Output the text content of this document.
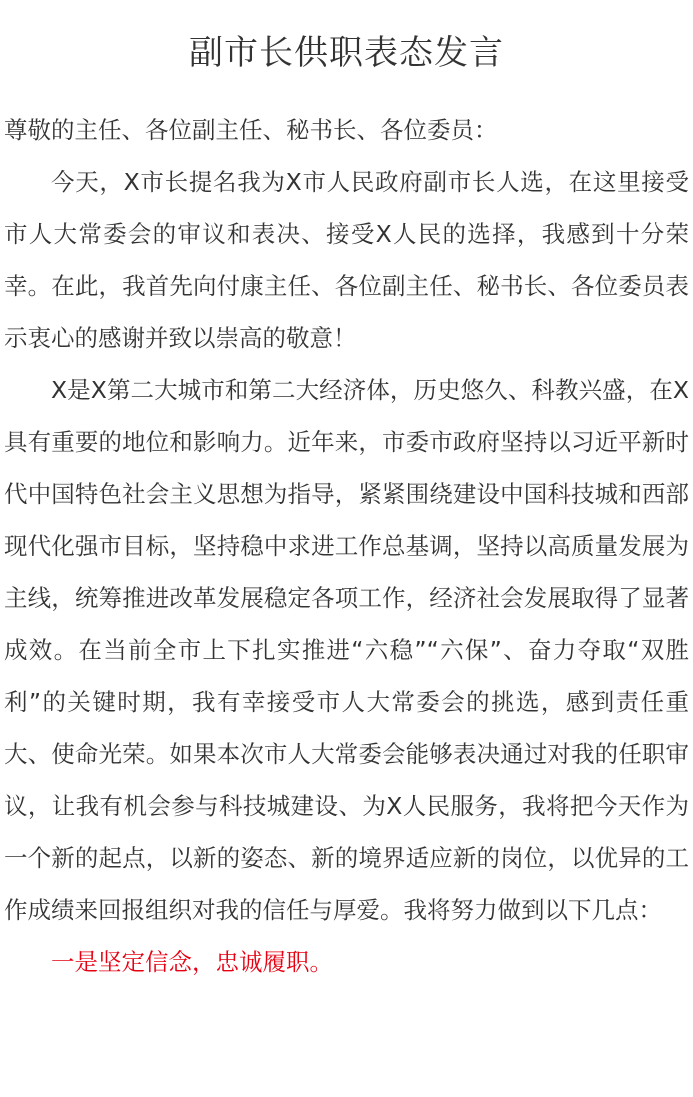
副市长供职表态发言

尊敬的主任、各位副主任、秘书长、各位委员：

今天，X市长提名我为X市人民政府副市长人选，在这里接受市人大常委会的审议和表决、接受X人民的选择，我感到十分荣幸。在此，我首先向付康主任、各位副主任、秘书长、各位委员表示衷心的感谢并致以崇高的敬意！

X是X第二大城市和第二大经济体，历史悠久、科教兴盛，在X具有重要的地位和影响力。近年来，市委市政府坚持以习近平新时代中国特色社会主义思想为指导，紧紧围绕建设中国科技城和西部现代化强市目标，坚持稳中求进工作总基调，坚持以高质量发展为主线，统筹推进改革发展稳定各项工作，经济社会发展取得了显著成效。在当前全市上下扎实推进“六稳”“六保”、奋力夺取“双胜利”的关键时期，我有幸接受市人大常委会的挑选，感到责任重大、使命光荣。如果本次市人大常委会能够表决通过对我的任职审议，让我有机会参与科技城建设、为X人民服务，我将把今天作为一个新的起点，以新的姿态、新的境界适应新的岗位，以优异的工作成绩来回报组织对我的信任与厚爱。我将努力做到以下几点：

一是坚定信念，忠诚履职。
